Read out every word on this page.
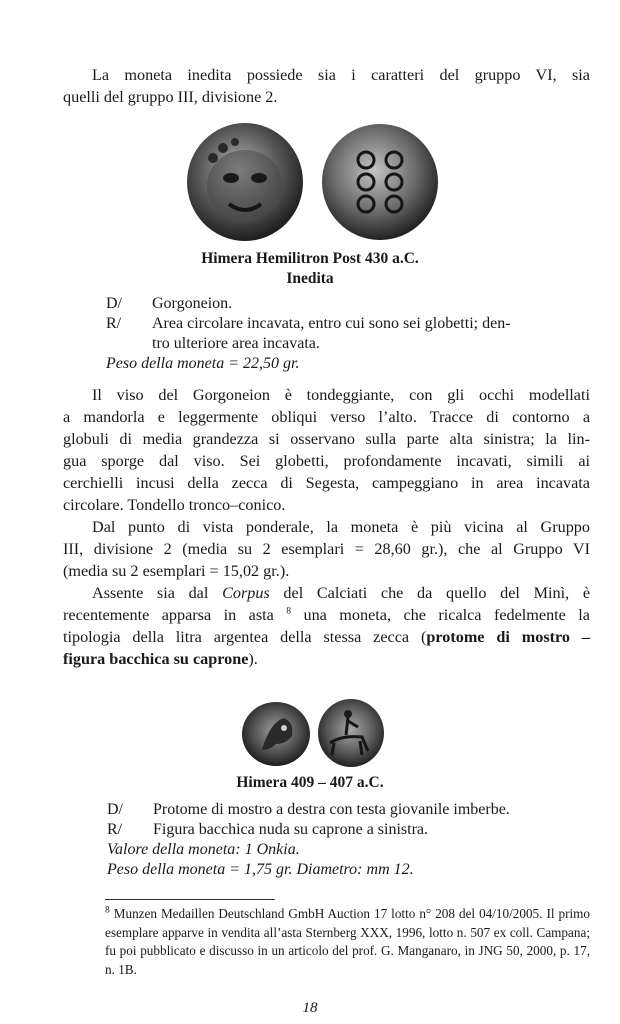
La moneta inedita possiede sia i caratteri del gruppo VI, sia
quelli del gruppo III, divisione 2.
Himera Hemilitron Post 430 a.C.
Inedita
D/	Gorgoneion.
R/	Area circolare incavata, entro cui sono sei globetti; den-
tro ulteriore area incavata.
Peso della moneta = 22,50 gr.
Il viso del Gorgoneion è tondeggiante, con gli occhi modellati
a mandorla e leggermente obliqui verso l’alto. Tracce di contorno a
globuli di media grandezza si osservano sulla parte alta sinistra; la lin-
gua sporge dal viso. Sei globetti, profondamente incavati, simili ai
cerchielli incusi della zecca di Segesta, campeggiano in area incavata
circolare. Tondello tronco–conico.
Dal punto di vista ponderale, la moneta è più vicina al Gruppo
III, divisione 2 (media su 2 esemplari = 28,60 gr.), che al Gruppo VI
(media su 2 esemplari = 15,02 gr.).
Assente sia dal Corpus del Calciati che da quello del Minì, è
recentemente apparsa in asta $^8$ una moneta, che ricalca fedelmente la
tipologia della litra argentea della stessa zecca (protome di mostro –
figura bacchica su caprone).
Himera 409 – 407 a.C.
D/	Protome di mostro a destra con testa giovanile imberbe.
R/	Figura bacchica nuda su caprone a sinistra.
Valore della moneta: 1 Onkia.
Peso della moneta = 1,75 gr. Diametro: mm 12.
$^8$ Munzen Medaillen Deutschland GmbH Auction 17 lotto n° 208 del 04/10/2005. Il primo esemplare apparve in vendita all’asta Sternberg XXX, 1996, lotto n. 507 ex coll. Campana; fu poi pubblicato e discusso in un articolo del prof. G. Manganaro, in JNG 50, 2000, p. 17, n. 1B.
18
